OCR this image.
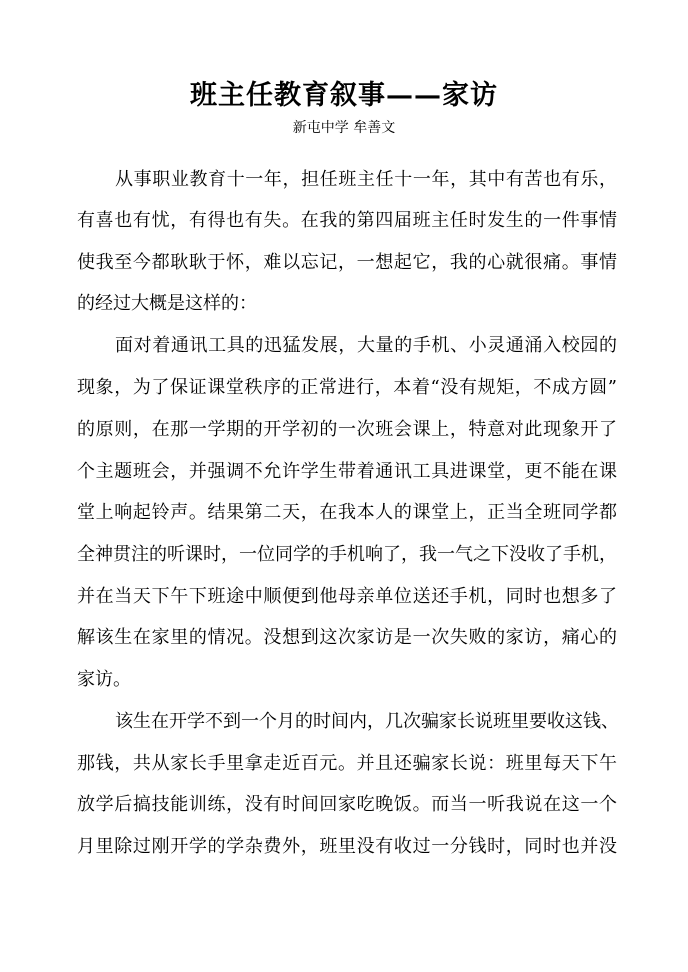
班主任教育叙事——家访
新屯中学 牟善文
从事职业教育十一年，担任班主任十一年，其中有苦也有乐，
有喜也有忧，有得也有失。在我的第四届班主任时发生的一件事情
使我至今都耿耿于怀，难以忘记，一想起它，我的心就很痛。事情
的经过大概是这样的：
面对着通讯工具的迅猛发展，大量的手机、小灵通涌入校园的
现象，为了保证课堂秩序的正常进行，本着“没有规矩，不成方圆”
的原则，在那一学期的开学初的一次班会课上，特意对此现象开了
个主题班会，并强调不允许学生带着通讯工具进课堂，更不能在课
堂上响起铃声。结果第二天，在我本人的课堂上，正当全班同学都
全神贯注的听课时，一位同学的手机响了，我一气之下没收了手机，
并在当天下午下班途中顺便到他母亲单位送还手机，同时也想多了
解该生在家里的情况。没想到这次家访是一次失败的家访，痛心的
家访。
该生在开学不到一个月的时间内，几次骗家长说班里要收这钱、
那钱，共从家长手里拿走近百元。并且还骗家长说：班里每天下午
放学后搞技能训练，没有时间回家吃晚饭。而当一听我说在这一个
月里除过刚开学的学杂费外，班里没有收过一分钱时，同时也并没
